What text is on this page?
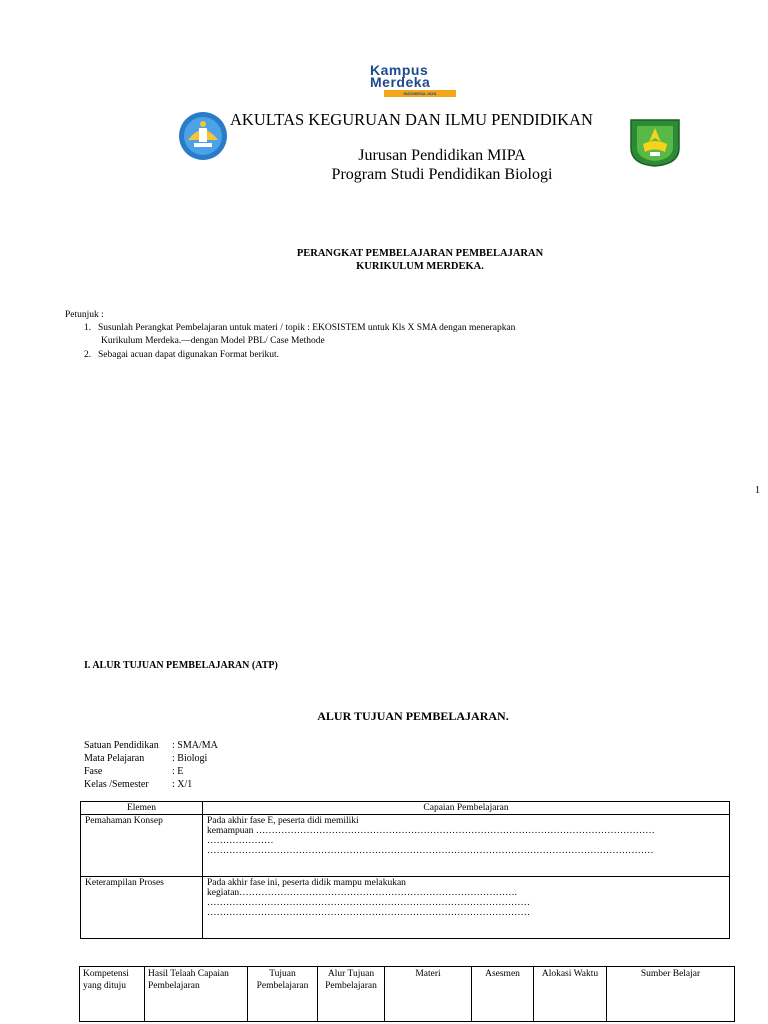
Kampus
Merdeka
INDONESIA JAYA
AKULTAS KEGURUAN DAN ILMU PENDIDIKAN
Jurusan Pendidikan MIPA
Program Studi Pendidikan Biologi
PERANGKAT PEMBELAJARAN PEMBELAJARAN
KURIKULUM MERDEKA.
Petunjuk :
1. Susunlah Perangkat Pembelajaran untuk materi / topik : EKOSISTEM untuk Kls X SMA dengan menerapkan
Kurikulum Merdeka.—dengan Model PBL/ Case Methode
2. Sebagai acuan dapat digunakan Format berikut.
1
I. ALUR TUJUAN PEMBELAJARAN (ATP)
ALUR TUJUAN PEMBELAJARAN.
Satuan Pendidikan : SMA/MA
Mata Pelajaran	: Biologi
Fase	: E
Kelas /Semester : X/1
Elemen	Capaian Pembelajaran
Pemahaman Konsep	Pada akhir fase E, peserta didi memiliki
kemampuan ………………………………………………………………………………………………………………
…………………
……………………………………………………………………………………………………………………………

Keterampilan Proses	Pada akhir fase ini, peserta didik mampu melakukan
kegiatan…………………………………………………………………………….
…………………………………………………………………………………………
…………………………………………………………………………………………
Kompetensi yang dituju	Hasil Telaah Capaian Pembelajaran	Tujuan Pembelajaran	Alur Tujuan Pembelajaran	Materi	Asesmen	Alokasi Waktu	Sumber Belajar
